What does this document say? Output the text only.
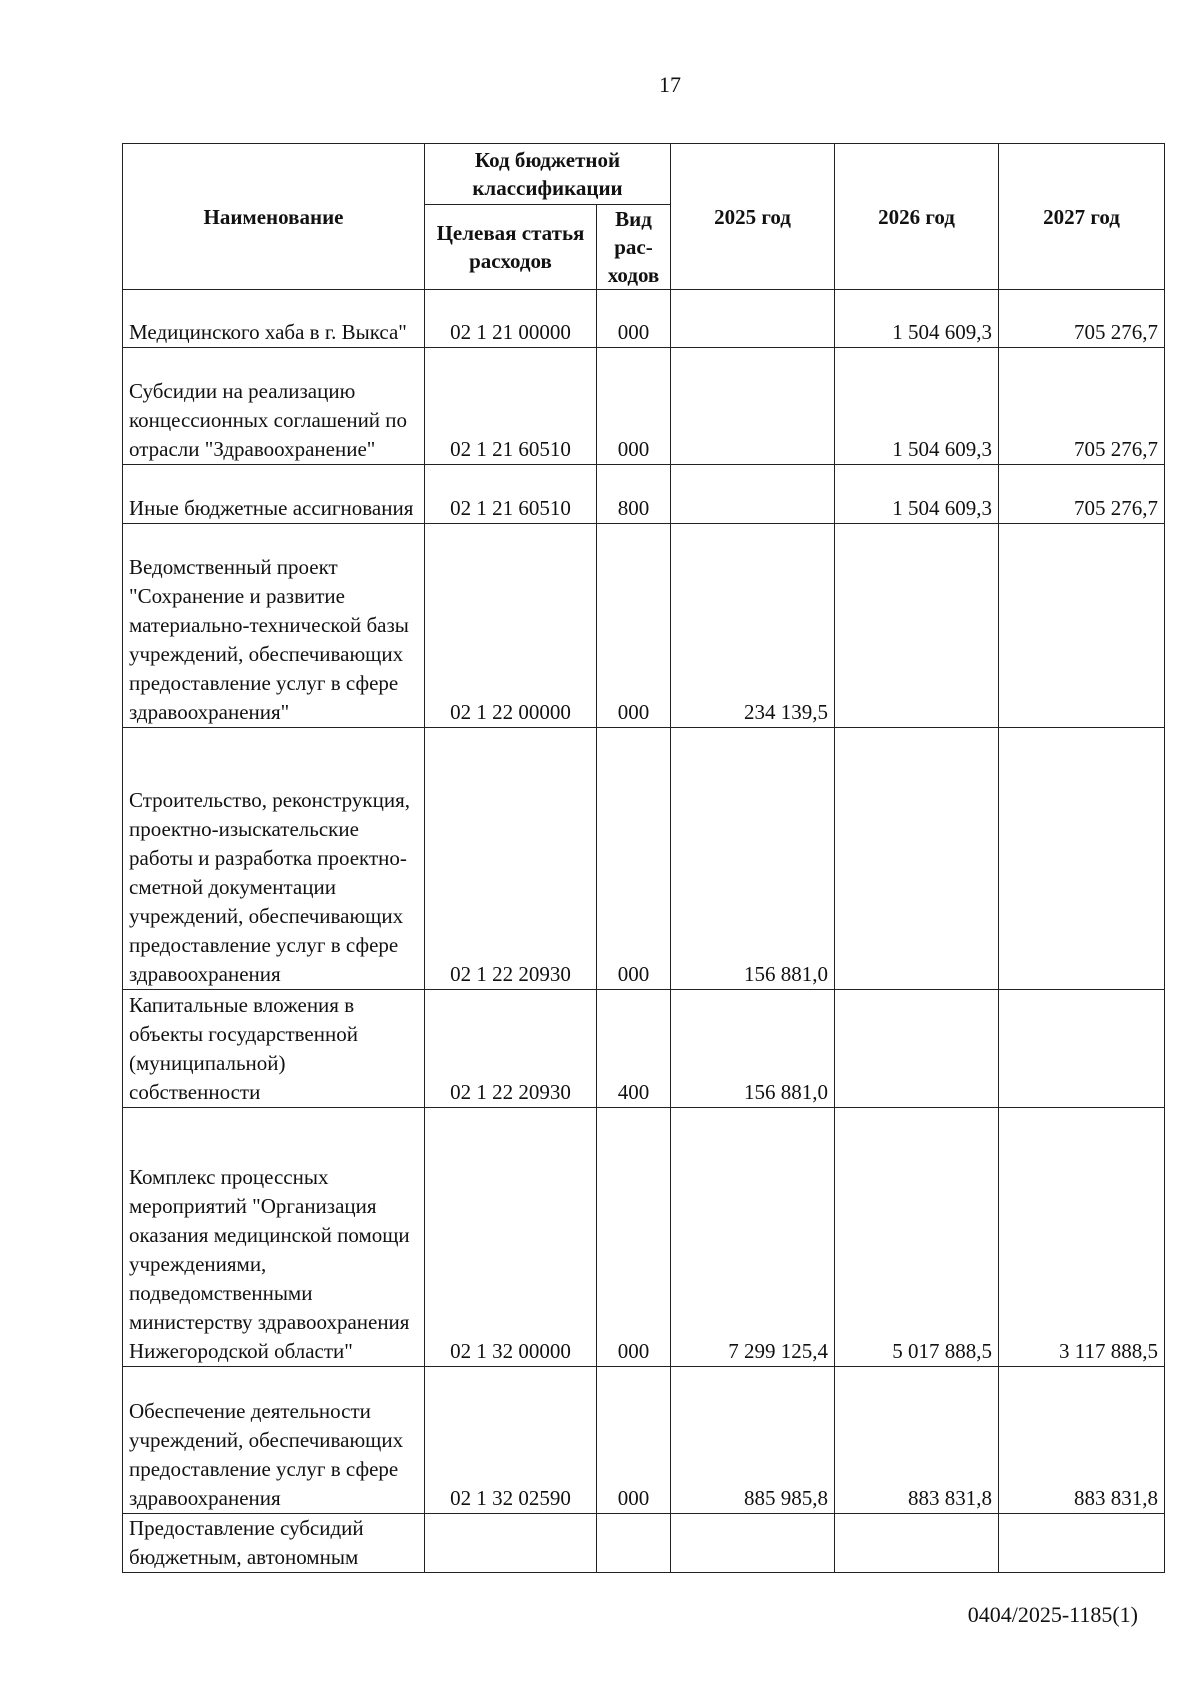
17
Наименование	Код бюджетной классификации		2025 год	2026 год	2027 год
	Целевая статья расходов	Вид рас-ходов			
Медицинского хаба в г. Выкса"	02 1 21 00000	000		1 504 609,3	705 276,7
Субсидии на реализацию концессионных соглашений по отрасли "Здравоохранение"	02 1 21 60510	000		1 504 609,3	705 276,7
Иные бюджетные ассигнования	02 1 21 60510	800		1 504 609,3	705 276,7
Ведомственный проект "Сохранение и развитие материально-технической базы учреждений, обеспечивающих предоставление услуг в сфере здравоохранения"	02 1 22 00000	000	234 139,5		
Строительство, реконструкция, проектно-изыскательские работы и разработка проектно-сметной документации учреждений, обеспечивающих предоставление услуг в сфере здравоохранения	02 1 22 20930	000	156 881,0		
Капитальные вложения в объекты государственной (муниципальной) собственности	02 1 22 20930	400	156 881,0		
Комплекс процессных мероприятий "Организация оказания медицинской помощи учреждениями, подведомственными министерству здравоохранения Нижегородской области"	02 1 32 00000	000	7 299 125,4	5 017 888,5	3 117 888,5
Обеспечение деятельности учреждений, обеспечивающих предоставление услуг в сфере здравоохранения	02 1 32 02590	000	885 985,8	883 831,8	883 831,8
Предоставление субсидий бюджетным, автономным					
0404/2025-1185(1)
